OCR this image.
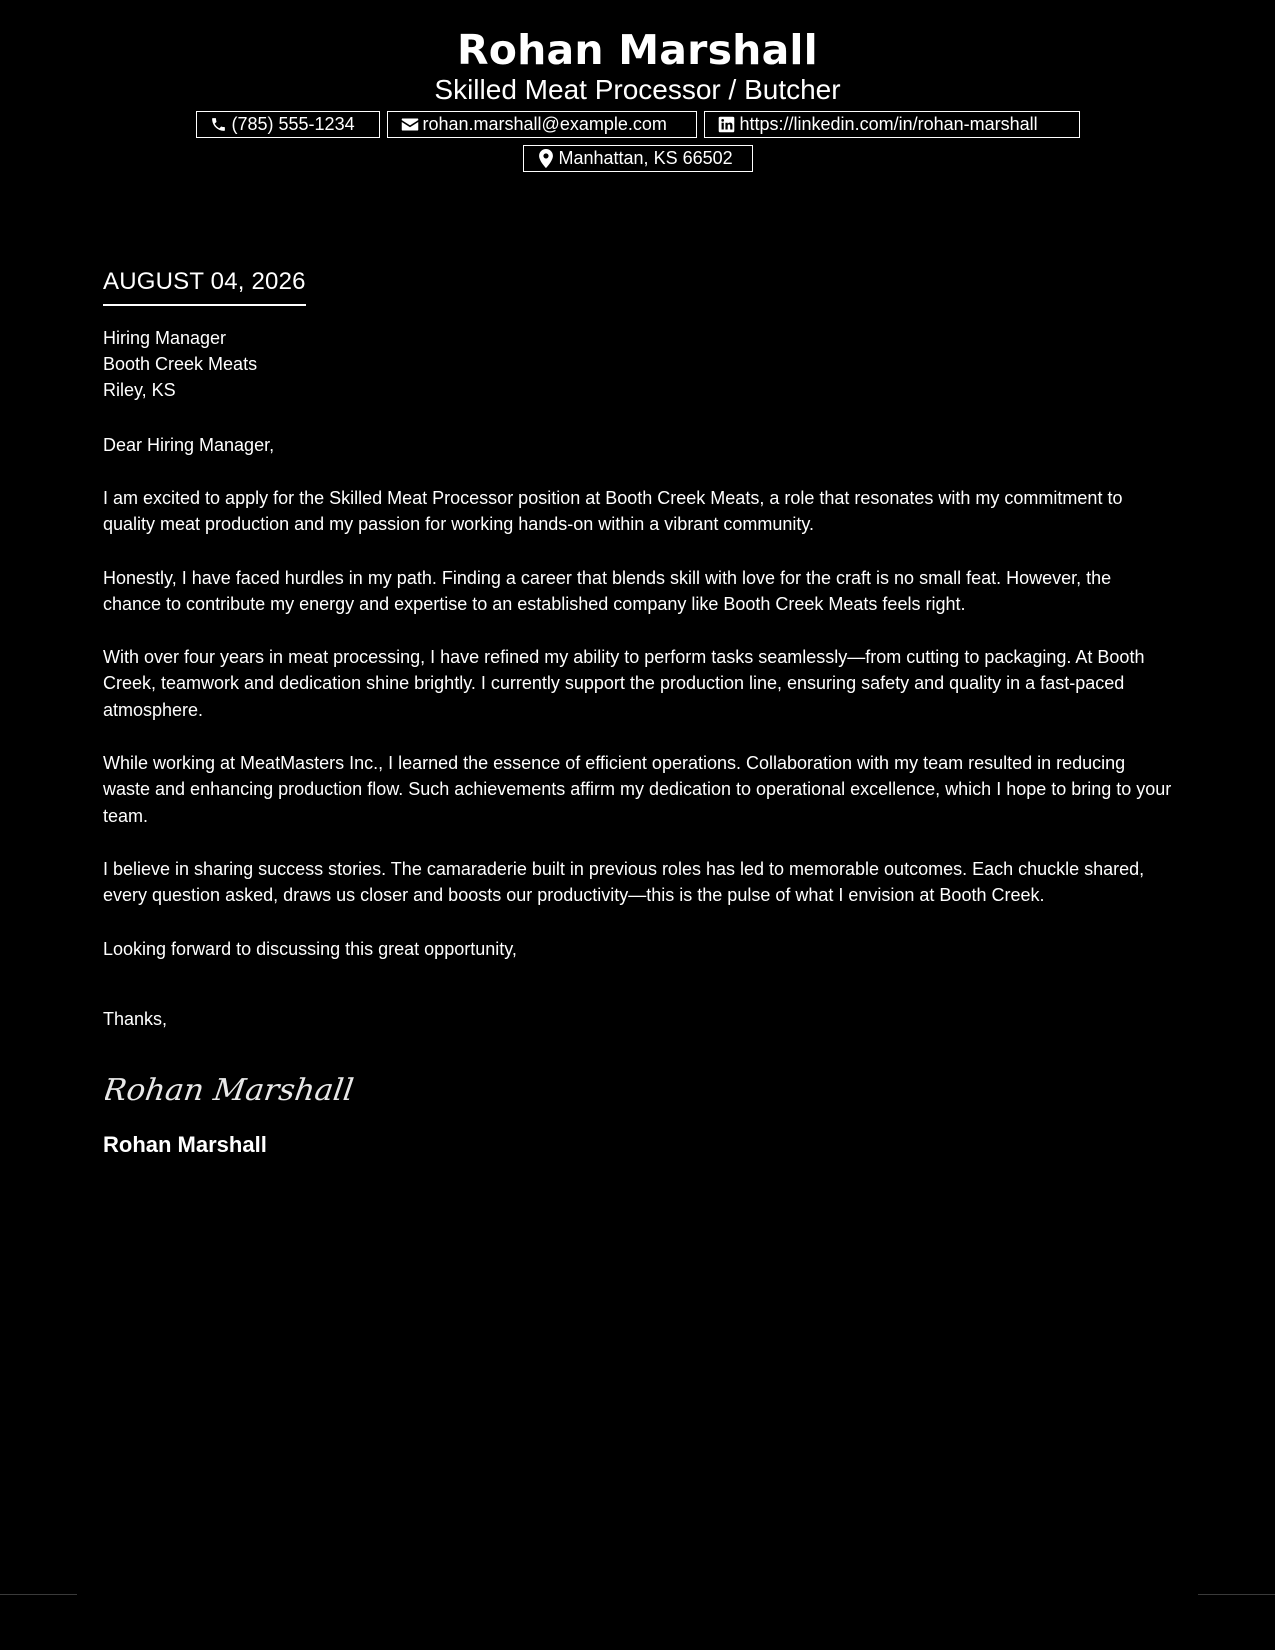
Rohan Marshall
Skilled Meat Processor / Butcher
(785) 555-1234	rohan.marshall@example.com	https://linkedin.com/in/rohan-marshall
Manhattan, KS 66502
AUGUST 04, 2026
Hiring Manager
Booth Creek Meats
Riley, KS
Dear Hiring Manager,
I am excited to apply for the Skilled Meat Processor position at Booth Creek Meats, a role that resonates with my commitment to quality meat production and my passion for working hands-on within a vibrant community.
Honestly, I have faced hurdles in my path. Finding a career that blends skill with love for the craft is no small feat. However, the chance to contribute my energy and expertise to an established company like Booth Creek Meats feels right.
With over four years in meat processing, I have refined my ability to perform tasks seamlessly—from cutting to packaging. At Booth Creek, teamwork and dedication shine brightly. I currently support the production line, ensuring safety and quality in a fast-paced atmosphere.
While working at MeatMasters Inc., I learned the essence of efficient operations. Collaboration with my team resulted in reducing waste and enhancing production flow. Such achievements affirm my dedication to operational excellence, which I hope to bring to your team.
I believe in sharing success stories. The camaraderie built in previous roles has led to memorable outcomes. Each chuckle shared, every question asked, draws us closer and boosts our productivity—this is the pulse of what I envision at Booth Creek.
Looking forward to discussing this great opportunity,
Thanks,
Rohan Marshall
Rohan Marshall
